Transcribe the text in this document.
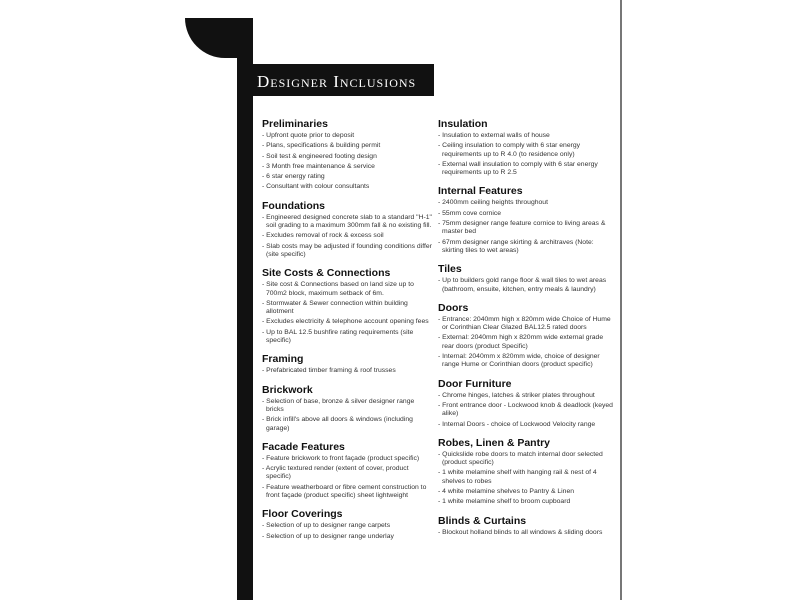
Designer Inclusions
Preliminaries
- Upfront quote prior to deposit
- Plans, specifications & building permit
- Soil test & engineered footing design
- 3 Month free maintenance & service
- 6 star energy rating
- Consultant with colour consultants
Foundations
- Engineered designed concrete slab to a standard "H-1" soil grading to a maximum 300mm fall & no existing fill.
- Excludes removal of rock & excess soil
- Slab costs may be adjusted if founding conditions differ (site specific)
Site Costs & Connections
- Site cost & Connections based on land size up to 700m2 block, maximum setback of 6m.
- Stormwater & Sewer connection within building allotment
- Excludes electricity & telephone account opening fees
- Up to BAL 12.5 bushfire rating requirements (site specific)
Framing
- Prefabricated timber framing & roof trusses
Brickwork
- Selection of base, bronze & silver designer range bricks
- Brick infill's above all doors & windows (including garage)
Facade Features
- Feature brickwork to front façade (product specific)
- Acrylic textured render (extent of cover, product specific)
- Feature weatherboard or fibre cement construction to front façade (product specific) sheet lightweight
Floor Coverings
- Selection of up to designer range carpets
- Selection of up to designer range underlay
Insulation
- Insulation to external walls of house
- Ceiling insulation to comply with 6 star energy requirements up to R 4.0 (to residence only)
- External wall insulation to comply with 6 star energy requirements up to R 2.5
Internal Features
- 2400mm ceiling heights throughout
- 55mm cove cornice
- 75mm designer range feature cornice to living areas & master bed
- 67mm designer range skirting & architraves (Note: skirting tiles to wet areas)
Tiles
- Up to builders gold range floor & wall tiles to wet areas (bathroom, ensuite, kitchen, entry meals & laundry)
Doors
- Entrance: 2040mm high x 820mm wide Choice of Hume or Corinthian Clear Glazed BAL12.5 rated doors
- External: 2040mm high x 820mm wide external grade rear doors (product Specific)
- Internal: 2040mm x 820mm wide, choice of designer range Hume or Corinthian doors (product specific)
Door Furniture
- Chrome hinges, latches & striker plates throughout
- Front entrance door - Lockwood knob & deadlock (keyed alike)
- Internal Doors - choice of Lockwood Velocity range
Robes, Linen & Pantry
- Quickslide robe doors to match internal door selected (product specific)
- 1 white melamine shelf with hanging rail & nest of 4 shelves to robes
- 4 white melamine shelves to Pantry & Linen
- 1 white melamine shelf to broom cupboard
Blinds & Curtains
- Blockout holland blinds to all windows & sliding doors
